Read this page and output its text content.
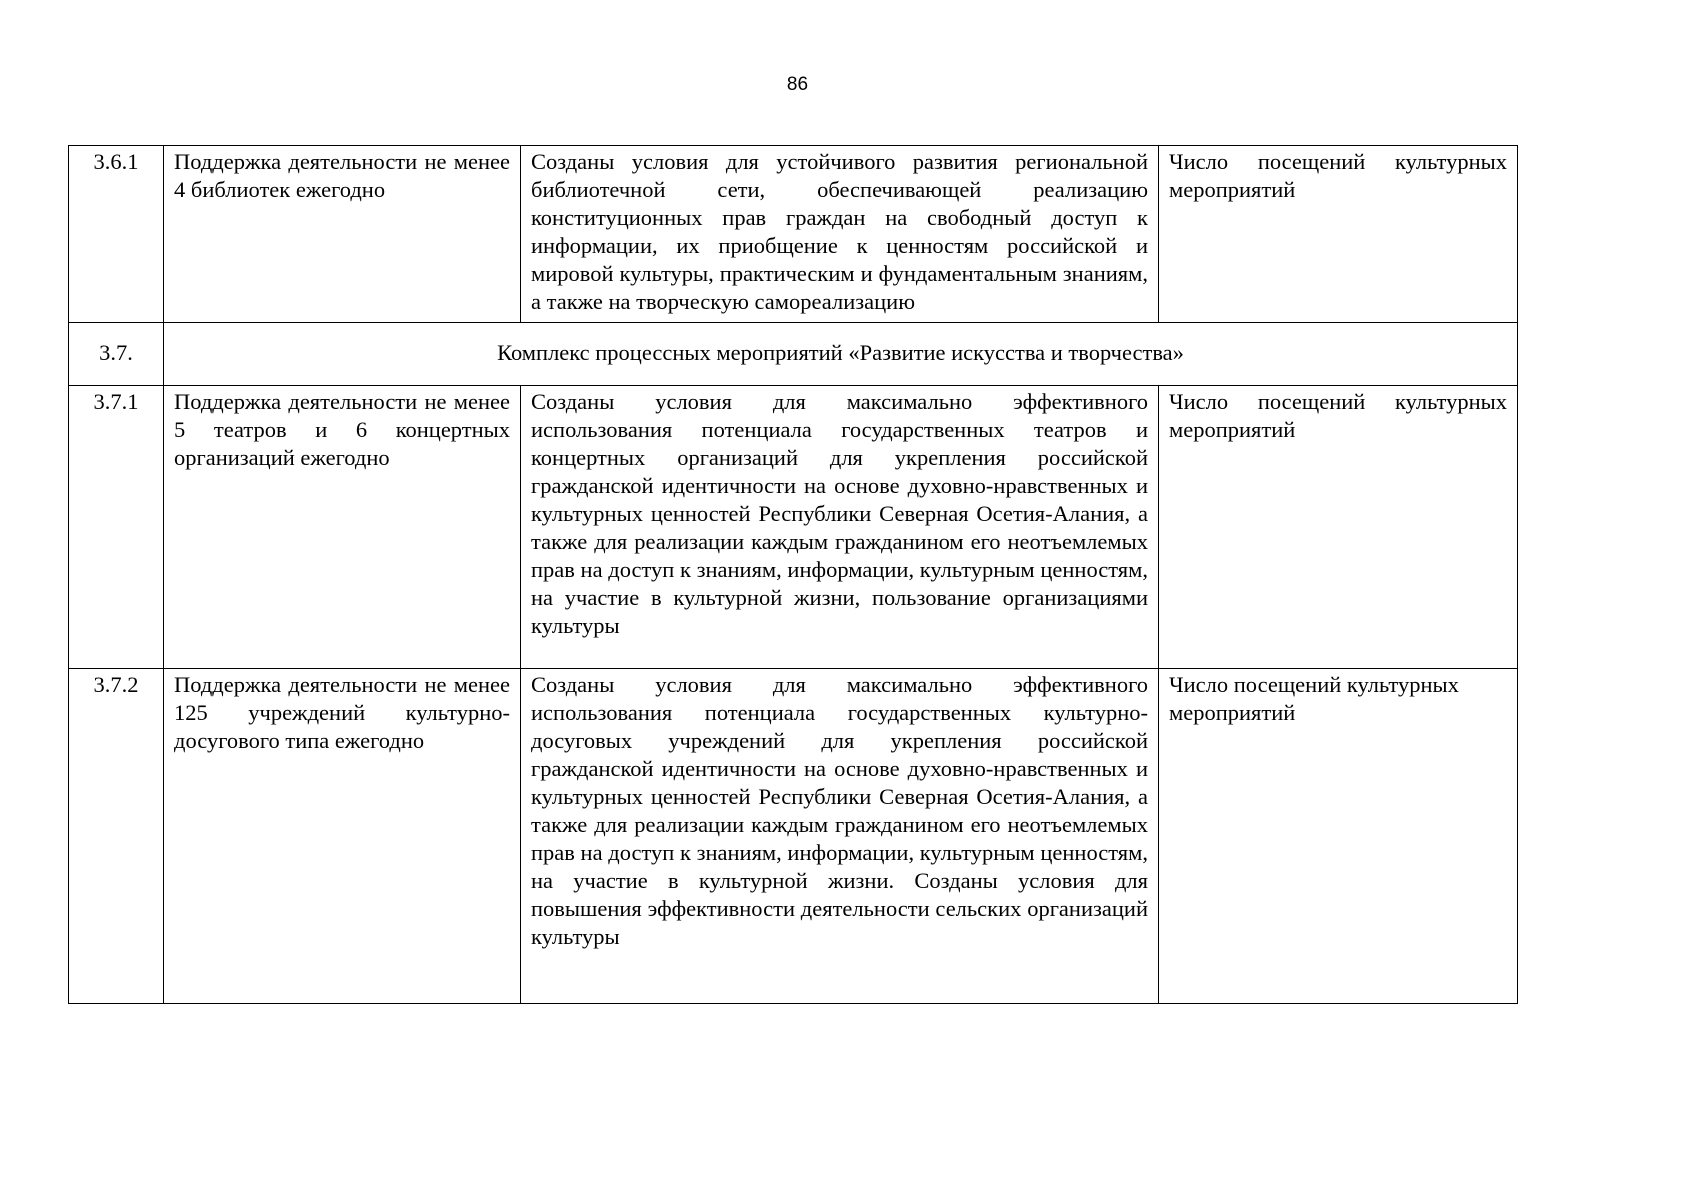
86
3.6.1	Поддержка деятельности не менее 4 библиотек ежегодно	Созданы условия для устойчивого развития региональной библиотечной сети, обеспечивающей реализацию конституционных прав граждан на свободный доступ к информации, их приобщение к ценностям российской и мировой культуры, практическим и фундаментальным знаниям, а также на творческую самореализацию	Число посещений культурных мероприятий
3.7.	Комплекс процессных мероприятий «Развитие искусства и творчества»		
3.7.1	Поддержка деятельности не менее 5 театров и 6 концертных организаций ежегодно	Созданы условия для максимально эффективного использования потенциала государственных театров и концертных организаций для укрепления российской гражданской идентичности на основе духовно-нравственных и культурных ценностей Республики Северная Осетия-Алания, а также для реализации каждым гражданином его неотъемлемых прав на доступ к знаниям, информации, культурным ценностям, на участие в культурной жизни, пользование организациями культуры	Число посещений культурных мероприятий
3.7.2	Поддержка деятельности не менее 125 учреждений культурно-досугового типа ежегодно	Созданы условия для максимально эффективного использования потенциала государственных культурно-досуговых учреждений для укрепления российской гражданской идентичности на основе духовно-нравственных и культурных ценностей Республики Северная Осетия-Алания, а также для реализации каждым гражданином его неотъемлемых прав на доступ к знаниям, информации, культурным ценностям, на участие в культурной жизни. Созданы условия для повышения эффективности деятельности сельских организаций культуры	Число посещений культурных мероприятий
